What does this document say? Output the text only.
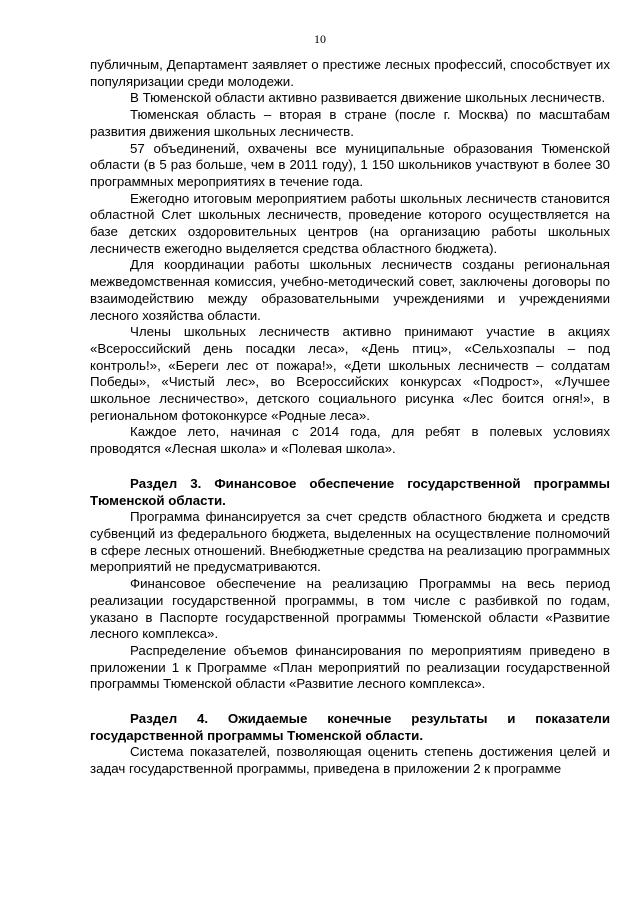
10

публичным, Департамент заявляет о престиже лесных профессий, способствует их популяризации среди молодежи.

В Тюменской области активно развивается движение школьных лесничеств.

Тюменская область – вторая в стране (после г. Москва) по масштабам развития движения школьных лесничеств.

57 объединений, охвачены все муниципальные образования Тюменской области (в 5 раз больше, чем в 2011 году), 1 150 школьников участвуют в более 30 программных мероприятиях в течение года.

Ежегодно итоговым мероприятием работы школьных лесничеств становится областной Слет школьных лесничеств, проведение которого осуществляется на базе детских оздоровительных центров (на организацию работы школьных лесничеств ежегодно выделяется средства областного бюджета).

Для координации работы школьных лесничеств созданы региональная межведомственная комиссия, учебно-методический совет, заключены договоры по взаимодействию между образовательными учреждениями и учреждениями лесного хозяйства области.

Члены школьных лесничеств активно принимают участие в акциях «Всероссийский день посадки леса», «День птиц», «Сельхозпалы – под контроль!», «Береги лес от пожара!», «Дети школьных лесничеств – солдатам Победы», «Чистый лес», во Всероссийских конкурсах «Подрост», «Лучшее школьное лесничество», детского социального рисунка «Лес боится огня!», в региональном фотоконкурсе «Родные леса».

Каждое лето, начиная с 2014 года, для ребят в полевых условиях проводятся «Лесная школа» и «Полевая школа».

Раздел 3. Финансовое обеспечение государственной программы Тюменской области.

Программа финансируется за счет средств областного бюджета и средств субвенций из федерального бюджета, выделенных на осуществление полномочий в сфере лесных отношений. Внебюджетные средства на реализацию программных мероприятий не предусматриваются.

Финансовое обеспечение на реализацию Программы на весь период реализации государственной программы, в том числе с разбивкой по годам, указано в Паспорте государственной программы Тюменской области «Развитие лесного комплекса».

Распределение объемов финансирования по мероприятиям приведено в приложении 1 к Программе «План мероприятий по реализации государственной программы Тюменской области «Развитие лесного комплекса».

Раздел 4. Ожидаемые конечные результаты и показатели государственной программы Тюменской области.

Система показателей, позволяющая оценить степень достижения целей и задач государственной программы, приведена в приложении 2 к программе
